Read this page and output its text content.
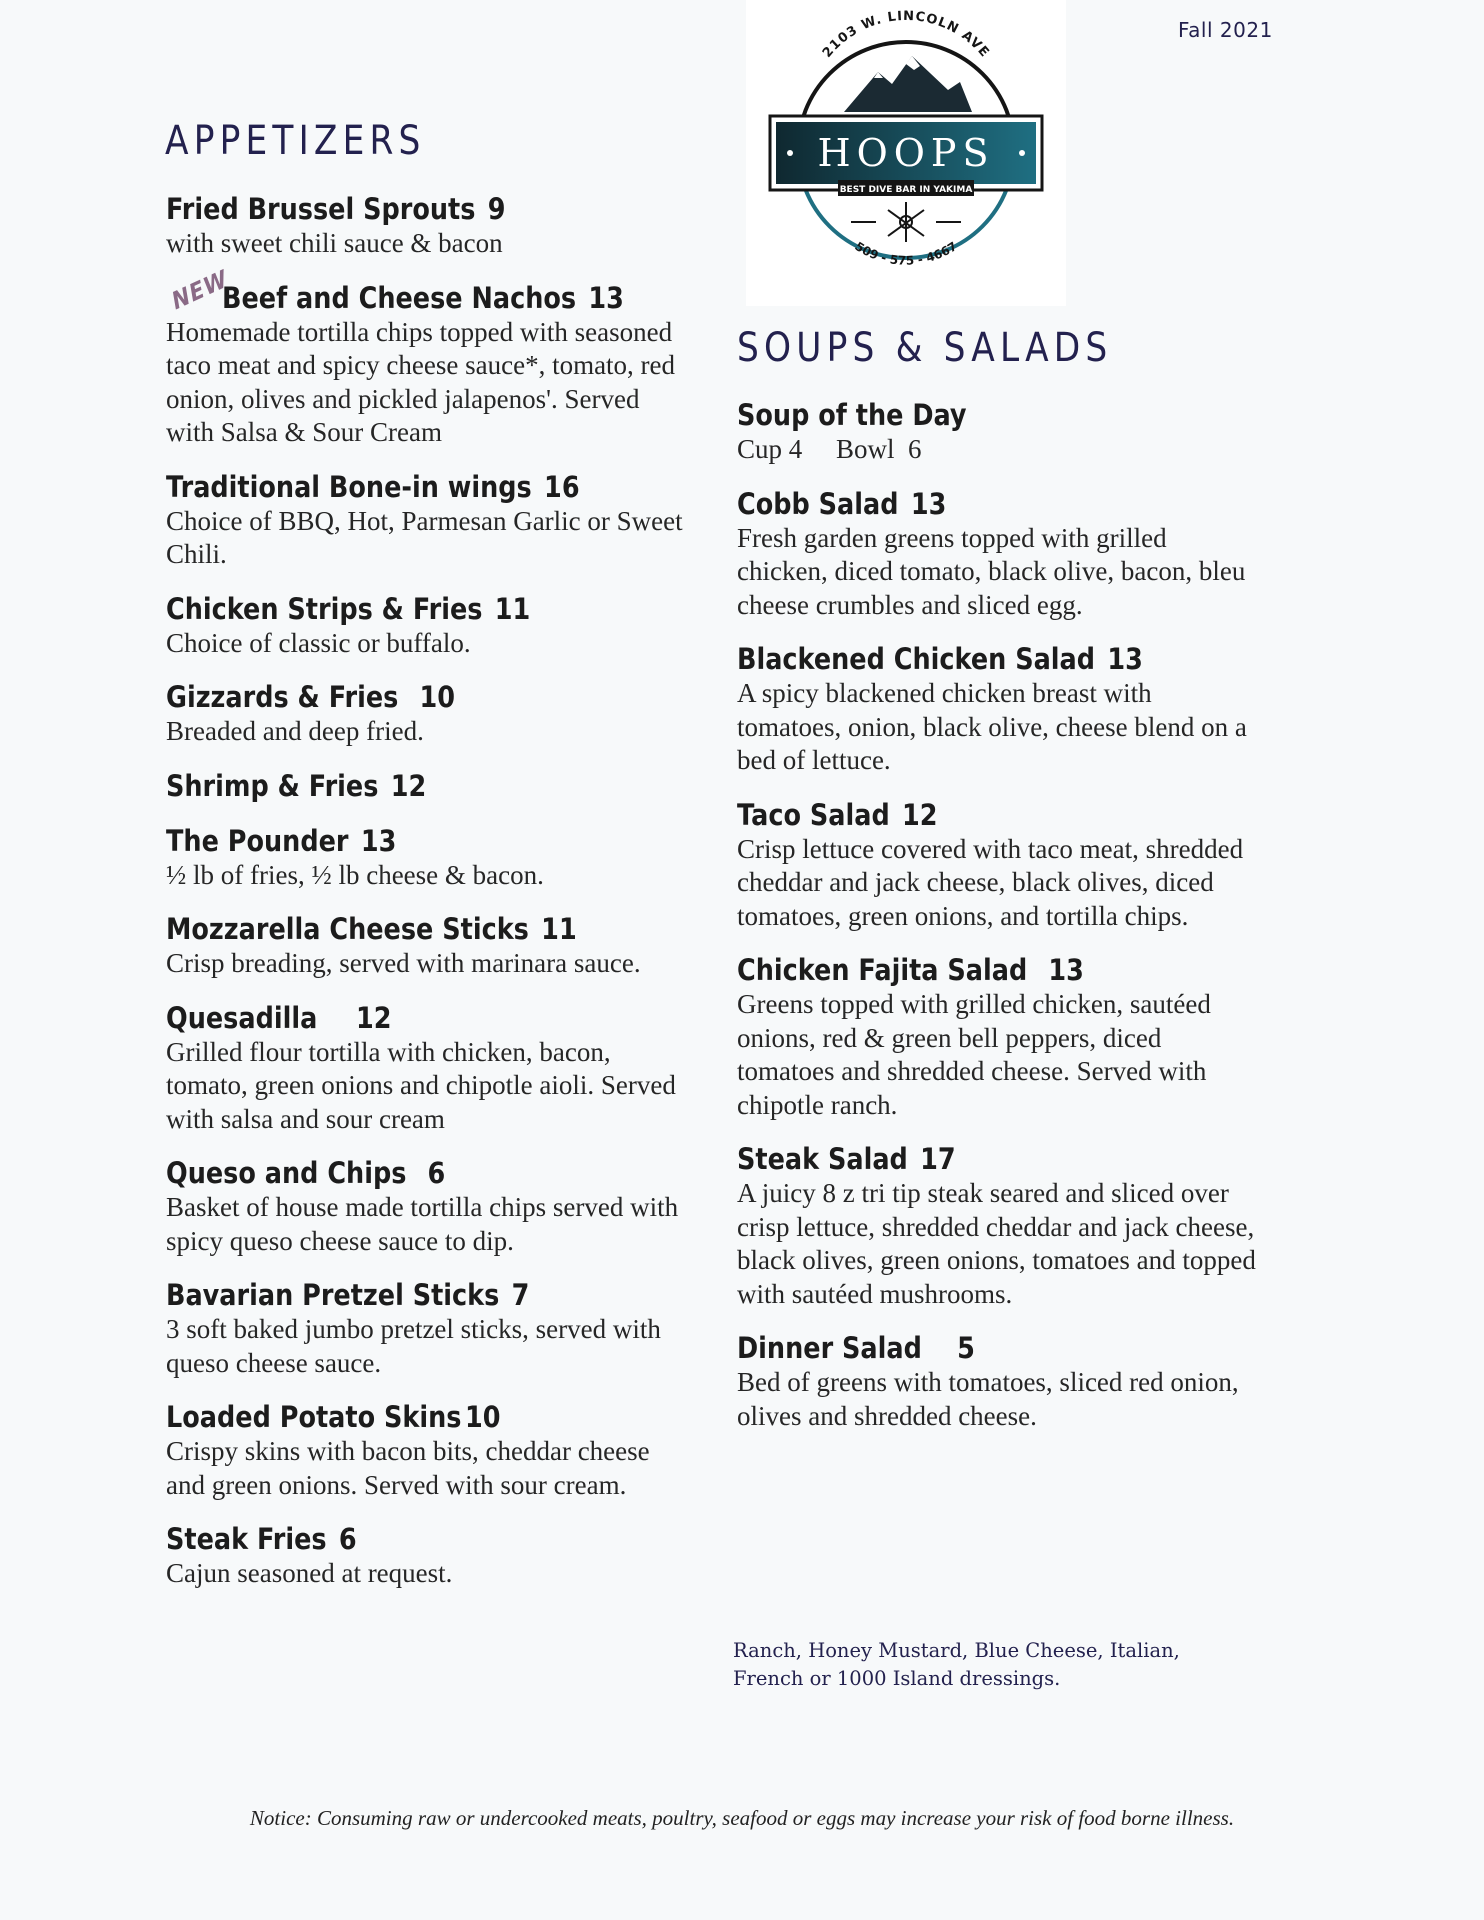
Fall 2021
2103 W. LINCOLN AVE
HOOPS
BEST DIVE BAR IN YAKIMA
509 - 575 - 4667
APPETIZERS
Fried Brussel Sprouts 9
with sweet chili sauce & bacon
NEW
Beef and Cheese Nachos 13
Homemade tortilla chips topped with seasoned taco meat and spicy cheese sauce*, tomato, red onion, olives and pickled jalapenos'. Served with Salsa & Sour Cream
Traditional Bone-in wings 16
Choice of BBQ, Hot, Parmesan Garlic or Sweet Chili.
Chicken Strips & Fries 11
Choice of classic or buffalo.
Gizzards & Fries 10
Breaded and deep fried.
Shrimp & Fries 12
The Pounder 13
½ lb of fries, ½ lb cheese & bacon.
Mozzarella Cheese Sticks 11
Crisp breading, served with marinara sauce.
Quesadilla 12
Grilled flour tortilla with chicken, bacon, tomato, green onions and chipotle aioli. Served with salsa and sour cream
Queso and Chips 6
Basket of house made tortilla chips served with spicy queso cheese sauce to dip.
Bavarian Pretzel Sticks 7
3 soft baked jumbo pretzel sticks, served with queso cheese sauce.
Loaded Potato Skins 10
Crispy skins with bacon bits, cheddar cheese and green onions. Served with sour cream.
Steak Fries 6
Cajun seasoned at request.
SOUPS & SALADS
Soup of the Day
Cup 4     Bowl  6
Cobb Salad 13
Fresh garden greens topped with grilled chicken, diced tomato, black olive, bacon, bleu cheese crumbles and sliced egg.
Blackened Chicken Salad 13
A spicy blackened chicken breast with tomatoes, onion, black olive, cheese blend on a bed of lettuce.
Taco Salad 12
Crisp lettuce covered with taco meat, shredded cheddar and jack cheese, black olives, diced tomatoes, green onions, and tortilla chips.
Chicken Fajita Salad 13
Greens topped with grilled chicken, sautéed onions, red & green bell peppers, diced tomatoes and shredded cheese. Served with chipotle ranch.
Steak Salad 17
A juicy 8 z tri tip steak seared and sliced over crisp lettuce, shredded cheddar and jack cheese, black olives, green onions, tomatoes and topped with sautéed mushrooms.
Dinner Salad 5
Bed of greens with tomatoes, sliced red onion, olives and shredded cheese.
Ranch, Honey Mustard, Blue Cheese, Italian, French or 1000 Island dressings.
Notice: Consuming raw or undercooked meats, poultry, seafood or eggs may increase your risk of food borne illness.
